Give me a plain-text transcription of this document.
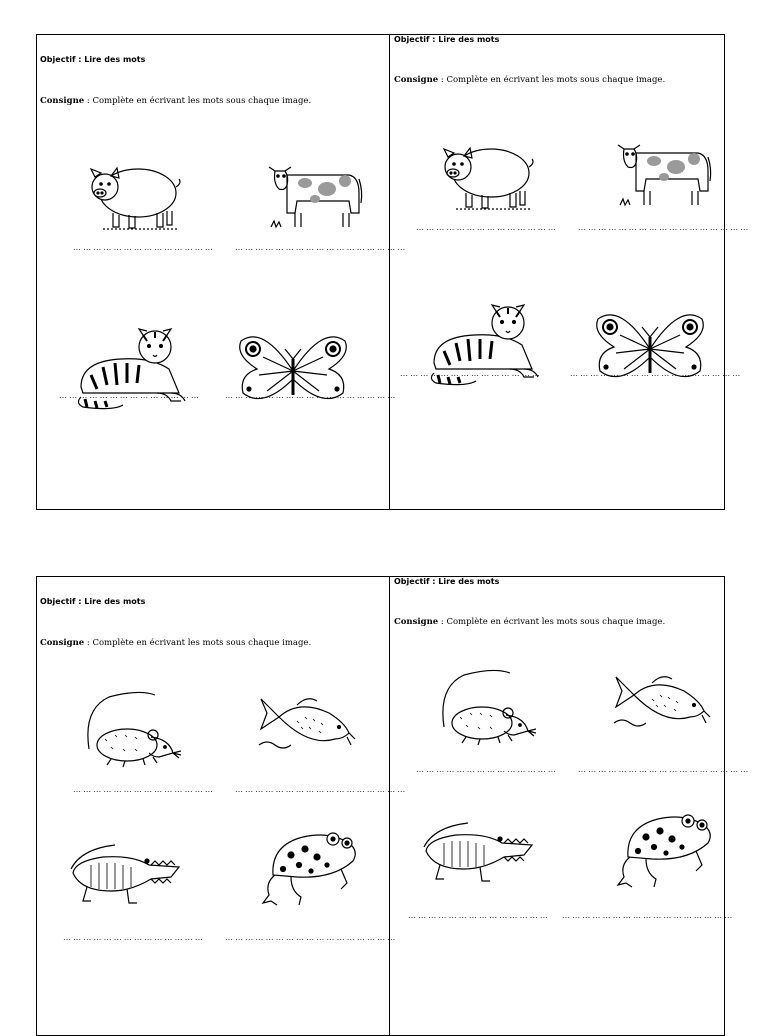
Objectif : Lire des mots
Consigne : Complète en écrivant les mots sous chaque image.
… … … … … … … … … … … … … …	… … … … … … … … … … … … … … … … …
… … … … … … … … … … … … … …	… … … … … … … … … … … … … … … … …
Objectif : Lire des mots
Consigne : Complète en écrivant les mots sous chaque image.
… … … … … … … … … … … … … …	… … … … … … … … … … … … … … … … …
… … … … … … … … … … … … … …	… … … … … … … … … … … … … … … … …
Objectif : Lire des mots
Consigne : Complète en écrivant les mots sous chaque image.
… … … … … … … … … … … … … …	… … … … … … … … … … … … … … … … …
… … … … … … … … … … … … … …	… … … … … … … … … … … … … … … … …
Objectif : Lire des mots
Consigne : Complète en écrivant les mots sous chaque image.
… … … … … … … … … … … … … …	… … … … … … … … … … … … … … … … …
… … … … … … … … … … … … … … … … … … … … … … … … … … … … … … …
